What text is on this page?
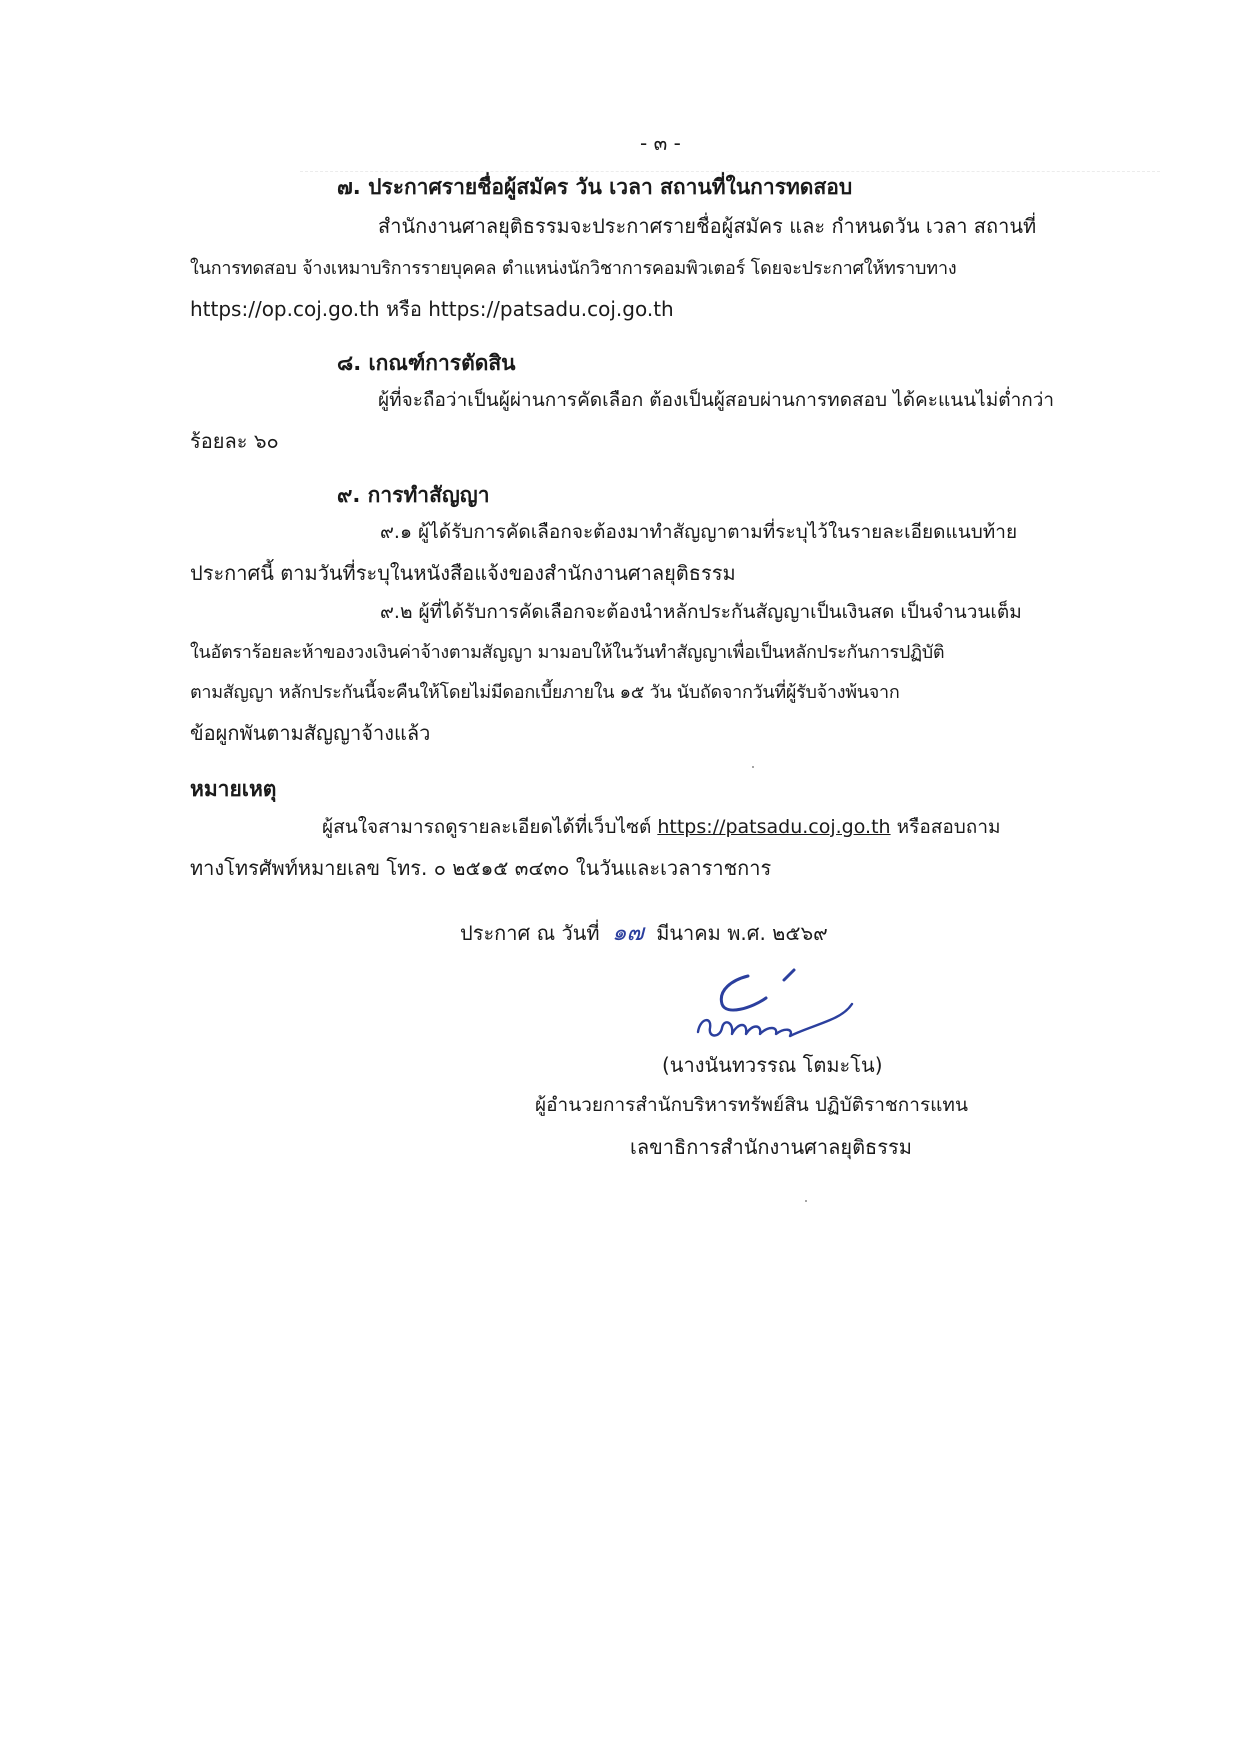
- ๓ -
๗. ประกาศรายชื่อผู้สมัคร วัน เวลา สถานที่ในการทดสอบ
สำนักงานศาลยุติธรรมจะประกาศรายชื่อผู้สมัคร และ กำหนดวัน เวลา สถานที่
ในการทดสอบ จ้างเหมาบริการรายบุคคล ตำแหน่งนักวิชาการคอมพิวเตอร์ โดยจะประกาศให้ทราบทาง
https://op.coj.go.th หรือ https://patsadu.coj.go.th
๘. เกณฑ์การตัดสิน
ผู้ที่จะถือว่าเป็นผู้ผ่านการคัดเลือก ต้องเป็นผู้สอบผ่านการทดสอบ ได้คะแนนไม่ต่ำกว่า
ร้อยละ ๖๐
๙. การทำสัญญา
๙.๑ ผู้ได้รับการคัดเลือกจะต้องมาทำสัญญาตามที่ระบุไว้ในรายละเอียดแนบท้าย
ประกาศนี้ ตามวันที่ระบุในหนังสือแจ้งของสำนักงานศาลยุติธรรม
๙.๒ ผู้ที่ได้รับการคัดเลือกจะต้องนำหลักประกันสัญญาเป็นเงินสด เป็นจำนวนเต็ม
ในอัตราร้อยละห้าของวงเงินค่าจ้างตามสัญญา มามอบให้ในวันทำสัญญาเพื่อเป็นหลักประกันการปฏิบัติ
ตามสัญญา หลักประกันนี้จะคืนให้โดยไม่มีดอกเบี้ยภายใน ๑๕ วัน นับถัดจากวันที่ผู้รับจ้างพ้นจาก
ข้อผูกพันตามสัญญาจ้างแล้ว
หมายเหตุ
ผู้สนใจสามารถดูรายละเอียดได้ที่เว็บไซต์ https://patsadu.coj.go.th หรือสอบถาม
ทางโทรศัพท์หมายเลข โทร. ๐ ๒๕๑๕ ๓๔๓๐ ในวันและเวลาราชการ
ประกาศ ณ วันที่ ๑๗ มีนาคม พ.ศ. ๒๕๖๙
(นางนันทวรรณ โตมะโน)
ผู้อำนวยการสำนักบริหารทรัพย์สิน ปฏิบัติราชการแทน
เลขาธิการสำนักงานศาลยุติธรรม
